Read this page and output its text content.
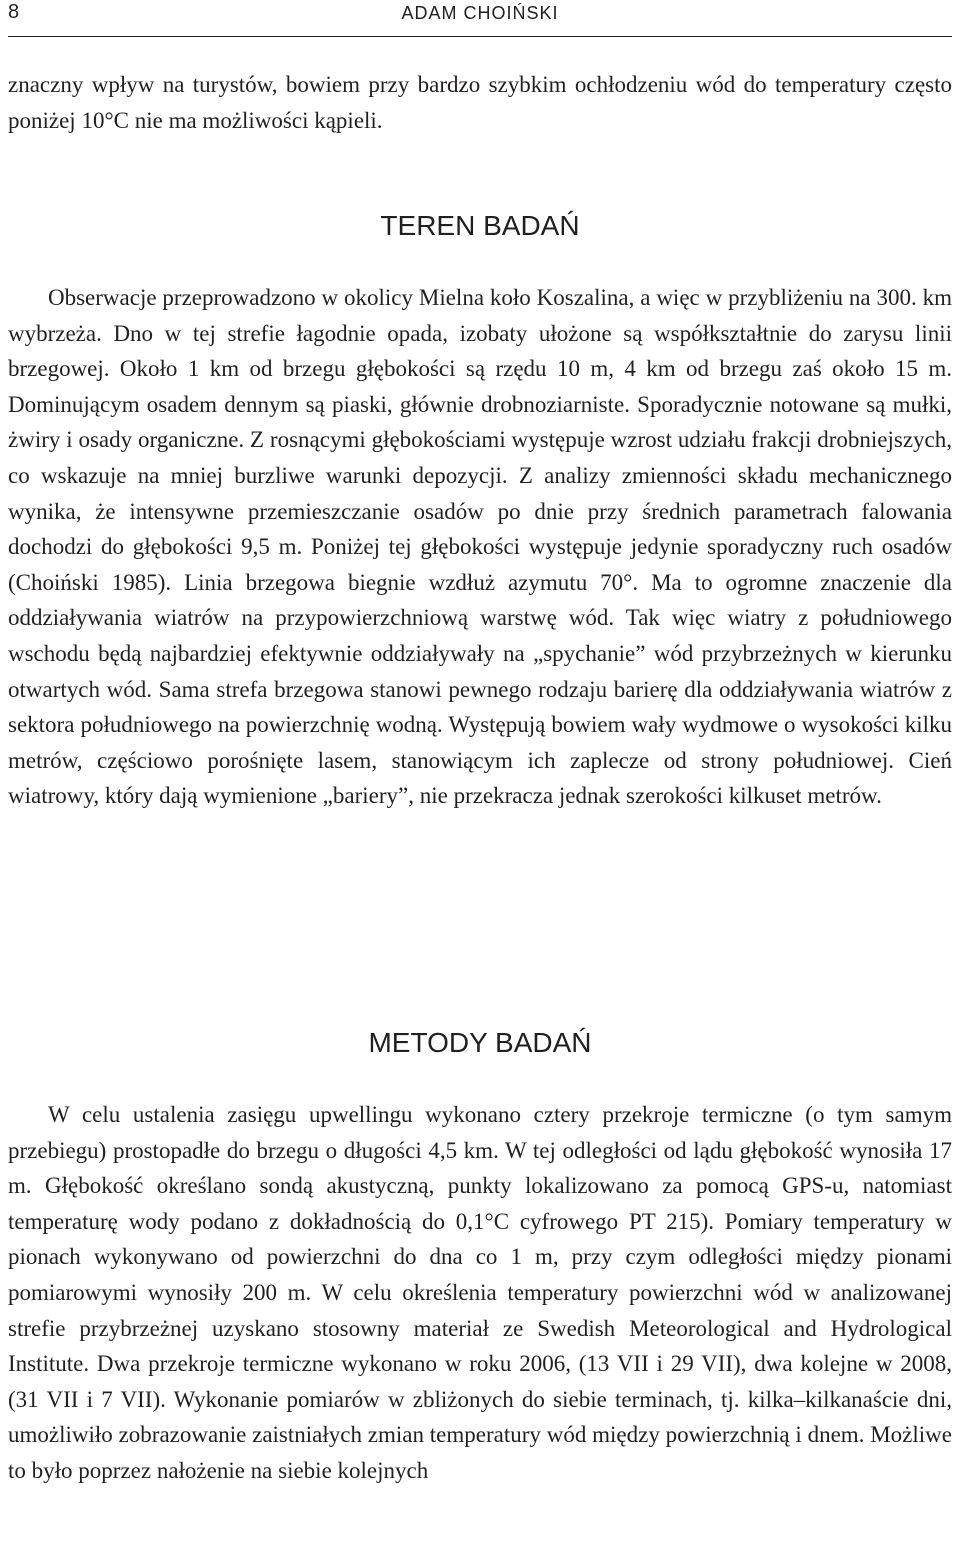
8	ADAM CHOIŃSKI

znaczny wpływ na turystów, bowiem przy bardzo szybkim ochłodzeniu wód do temperatury często poniżej 10°C nie ma możliwości kąpieli.

TEREN BADAŃ

Obserwacje przeprowadzono w okolicy Mielna koło Koszalina, a więc w przybliżeniu na 300. km wybrzeża. Dno w tej strefie łagodnie opada, izobaty ułożone są współkształtnie do zarysu linii brzegowej. Około 1 km od brzegu głębokości są rzędu 10 m, 4 km od brzegu zaś około 15 m. Dominującym osadem dennym są piaski, głównie drobnoziarniste. Sporadycznie notowane są mułki, żwiry i osady organiczne. Z rosnącymi głębokościami występuje wzrost udziału frakcji drobniejszych, co wskazuje na mniej burzliwe warunki depozycji. Z analizy zmienności składu mechanicznego wynika, że intensywne przemieszczanie osadów po dnie przy średnich parametrach falowania dochodzi do głębokości 9,5 m. Poniżej tej głębokości występuje jedynie sporadyczny ruch osadów (Choiński 1985). Linia brzegowa biegnie wzdłuż azymutu 70°. Ma to ogromne znaczenie dla oddziaływania wiatrów na przypowierzchniową warstwę wód. Tak więc wiatry z południowego wschodu będą najbardziej efektywnie oddziaływały na „spychanie” wód przybrzeżnych w kierunku otwartych wód. Sama strefa brzegowa stanowi pewnego rodzaju barierę dla oddziaływania wiatrów z sektora południowego na powierzchnię wodną. Występują bowiem wały wydmowe o wysokości kilku metrów, częściowo porośnięte lasem, stanowiącym ich zaplecze od strony południowej. Cień wiatrowy, który dają wymienione „bariery”, nie przekracza jednak szerokości kilkuset metrów.

METODY BADAŃ

W celu ustalenia zasięgu upwellingu wykonano cztery przekroje termiczne (o tym samym przebiegu) prostopadłe do brzegu o długości 4,5 km. W tej odległości od lądu głębokość wynosiła 17 m. Głębokość określano sondą akustyczną, punkty lokalizowano za pomocą GPS-u, natomiast temperaturę wody podano z dokładnością do 0,1°C cyfrowego PT 215). Pomiary temperatury w pionach wykonywano od powierzchni do dna co 1 m, przy czym odległości między pionami pomiarowymi wynosiły 200 m. W celu określenia temperatury powierzchni wód w analizowanej strefie przybrzeżnej uzyskano stosowny materiał ze Swedish Meteorological and Hydrological Institute. Dwa przekroje termiczne wykonano w roku 2006, (13 VII i 29 VII), dwa kolejne w 2008, (31 VII i 7 VII). Wykonanie pomiarów w zbliżonych do siebie terminach, tj. kilka–kilkanaście dni, umożliwiło zobrazowanie zaistniałych zmian temperatury wód między powierzchnią i dnem. Możliwe to było poprzez nałożenie na siebie kolejnych
